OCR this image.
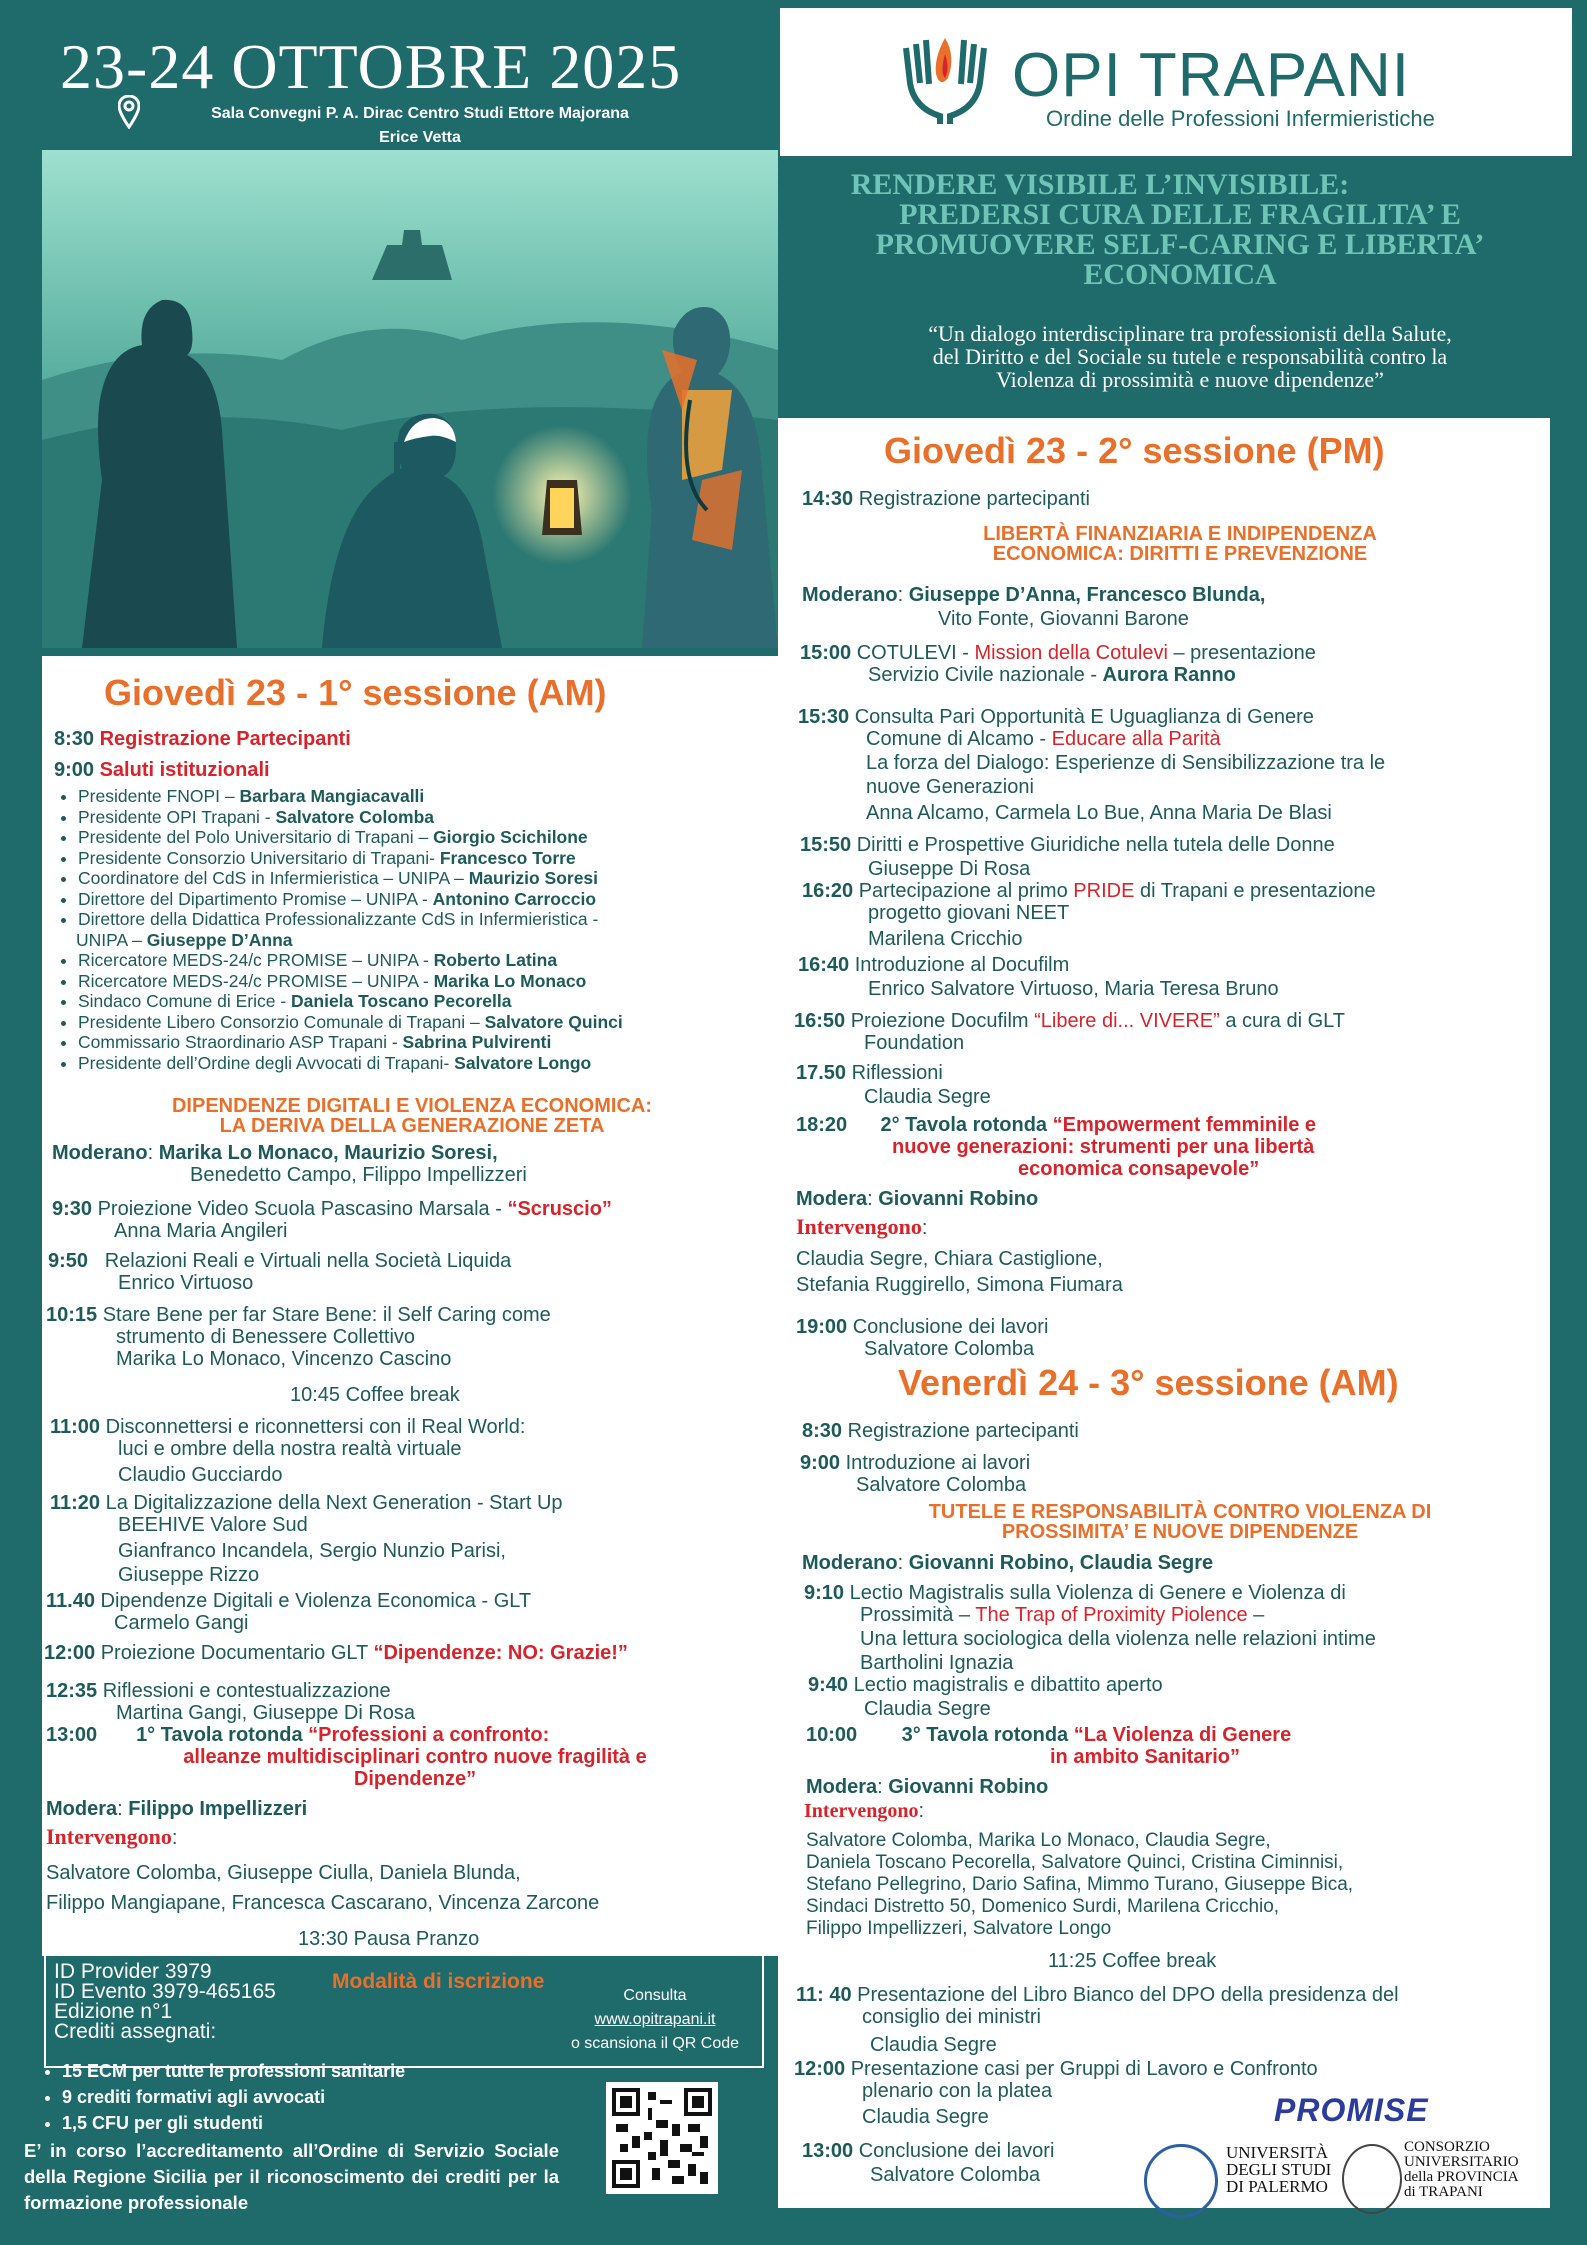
23-24 OTTOBRE 2025
Sala Convegni P. A. Dirac Centro Studi Ettore Majorana
Erice Vetta
OPI TRAPANI
Ordine delle Professioni Infermieristiche
RENDERE VISIBILE L’INVISIBILE:
PREDERSI CURA DELLE FRAGILITA’ E
PROMUOVERE SELF-CARING E LIBERTA’
ECONOMICA
“Un dialogo interdisciplinare tra professionisti della Salute,
del Diritto e del Sociale su tutele e responsabilità contro la
Violenza di prossimità e nuove dipendenze”
Giovedì 23 - 1° sessione (AM)
8:30 Registrazione Partecipanti
9:00 Saluti istituzionali
• Presidente FNOPI – Barbara Mangiacavalli
• Presidente OPI Trapani - Salvatore Colomba
• Presidente del Polo Universitario di Trapani – Giorgio Scichilone
• Presidente Consorzio Universitario di Trapani- Francesco Torre
• Coordinatore del CdS in Infermieristica – UNIPA – Maurizio Soresi
• Direttore del Dipartimento Promise – UNIPA - Antonino Carroccio
• Direttore della Didattica Professionalizzante CdS in Infermieristica -
UNIPA – Giuseppe D’Anna
• Ricercatore MEDS-24/c PROMISE – UNIPA - Roberto Latina
• Ricercatore MEDS-24/c PROMISE – UNIPA - Marika Lo Monaco
• Sindaco Comune di Erice - Daniela Toscano Pecorella
• Presidente Libero Consorzio Comunale di Trapani – Salvatore Quinci
• Commissario Straordinario ASP Trapani - Sabrina Pulvirenti
• Presidente dell’Ordine degli Avvocati di Trapani- Salvatore Longo
DIPENDENZE DIGITALI E VIOLENZA ECONOMICA:
LA DERIVA DELLA GENERAZIONE ZETA
Moderano: Marika Lo Monaco, Maurizio Soresi,
Benedetto Campo, Filippo Impellizzeri
9:30 Proiezione Video Scuola Pascasino Marsala - “Scruscio”
Anna Maria Angileri
9:50 Relazioni Reali e Virtuali nella Società Liquida
Enrico Virtuoso
10:15 Stare Bene per far Stare Bene: il Self Caring come
strumento di Benessere Collettivo
Marika Lo Monaco, Vincenzo Cascino
10:45 Coffee break
11:00 Disconnettersi e riconnettersi con il Real World:
luci e ombre della nostra realtà virtuale
Claudio Gucciardo
11:20 La Digitalizzazione della Next Generation - Start Up
BEEHIVE Valore Sud
Gianfranco Incandela, Sergio Nunzio Parisi,
Giuseppe Rizzo
11.40 Dipendenze Digitali e Violenza Economica - GLT
Carmelo Gangi
12:00 Proiezione Documentario GLT “Dipendenze: NO: Grazie!”
12:35 Riflessioni e contestualizzazione
Martina Gangi, Giuseppe Di Rosa
13:00 1° Tavola rotonda “Professioni a confronto:
alleanze multidisciplinari contro nuove fragilità e
Dipendenze”
Modera: Filippo Impellizzeri
Intervengono:
Salvatore Colomba, Giuseppe Ciulla, Daniela Blunda,
Filippo Mangiapane, Francesca Cascarano, Vincenza Zarcone
13:30 Pausa Pranzo
Giovedì 23 - 2° sessione (PM)
14:30 Registrazione partecipanti
LIBERTÀ FINANZIARIA E INDIPENDENZA
ECONOMICA: DIRITTI E PREVENZIONE
Moderano: Giuseppe D’Anna, Francesco Blunda,
Vito Fonte, Giovanni Barone
15:00 COTULEVI - Mission della Cotulevi – presentazione
Servizio Civile nazionale - Aurora Ranno
15:30 Consulta Pari Opportunità E Uguaglianza di Genere
Comune di Alcamo - Educare alla Parità
La forza del Dialogo: Esperienze di Sensibilizzazione tra le
nuove Generazioni
Anna Alcamo, Carmela Lo Bue, Anna Maria De Blasi
15:50 Diritti e Prospettive Giuridiche nella tutela delle Donne
Giuseppe Di Rosa
16:20 Partecipazione al primo PRIDE di Trapani e presentazione
progetto giovani NEET
Marilena Cricchio
16:40 Introduzione al Docufilm
Enrico Salvatore Virtuoso, Maria Teresa Bruno
16:50 Proiezione Docufilm “Libere di... VIVERE” a cura di GLT
Foundation
17.50 Riflessioni
Claudia Segre
18:20 2° Tavola rotonda “Empowerment femminile e
nuove generazioni: strumenti per una libertà
economica consapevole”
Modera: Giovanni Robino
Intervengono:
Claudia Segre, Chiara Castiglione,
Stefania Ruggirello, Simona Fiumara
19:00 Conclusione dei lavori
Salvatore Colomba
Venerdì 24 - 3° sessione (AM)
8:30 Registrazione partecipanti
9:00 Introduzione ai lavori
Salvatore Colomba
TUTELE E RESPONSABILITÀ CONTRO VIOLENZA DI
PROSSIMITA’ E NUOVE DIPENDENZE
Moderano: Giovanni Robino, Claudia Segre
9:10 Lectio Magistralis sulla Violenza di Genere e Violenza di
Prossimità – The Trap of Proximity Piolence –
Una lettura sociologica della violenza nelle relazioni intime
Bartholini Ignazia
9:40 Lectio magistralis e dibattito aperto
Claudia Segre
10:00 3° Tavola rotonda “La Violenza di Genere
in ambito Sanitario”
Modera: Giovanni Robino
Intervengono:
Salvatore Colomba, Marika Lo Monaco, Claudia Segre,
Daniela Toscano Pecorella, Salvatore Quinci, Cristina Ciminnisi,
Stefano Pellegrino, Dario Safina, Mimmo Turano, Giuseppe Bica,
Sindaci Distretto 50, Domenico Surdi, Marilena Cricchio,
Filippo Impellizzeri, Salvatore Longo
11:25 Coffee break
11: 40 Presentazione del Libro Bianco del DPO della presidenza del
consiglio dei ministri
Claudia Segre
12:00 Presentazione casi per Gruppi di Lavoro e Confronto
plenario con la platea
Claudia Segre
13:00 Conclusione dei lavori
Salvatore Colomba
ID Provider 3979
ID Evento 3979-465165
Edizione n°1
Crediti assegnati:
Modalità di iscrizione
Consulta
www.opitrapani.it
o scansiona il QR Code
• 15 ECM per tutte le professioni sanitarie
• 9 crediti formativi agli avvocati
• 1,5 CFU per gli studenti
E’ in corso l’accreditamento all’Ordine di Servizio Sociale della Regione Sicilia per il riconoscimento dei crediti per la formazione professionale
PROMISE
UNIVERSITÀ
DEGLI STUDI
DI PALERMO
CONSORZIO
UNIVERSITARIO
della PROVINCIA
di TRAPANI
